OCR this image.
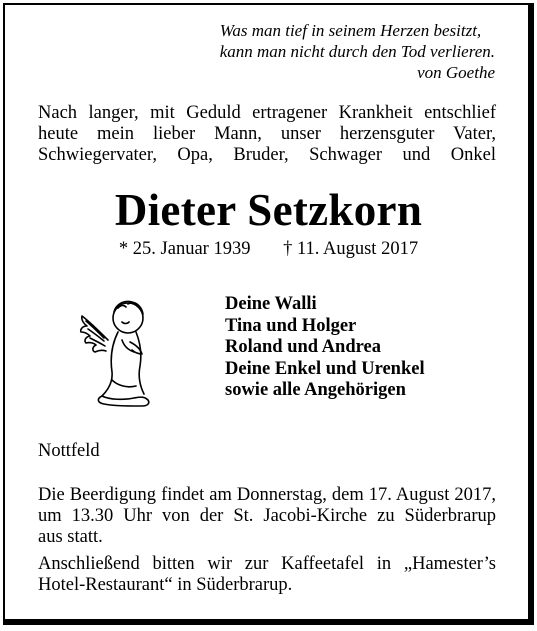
Was man tief in seinem Herzen besitzt,
kann man nicht durch den Tod verlieren.
von Goethe
Nach langer, mit Geduld ertragener Krankheit entschlief
heute mein lieber Mann, unser herzensguter Vater,
Schwiegervater, Opa, Bruder, Schwager und Onkel
Dieter Setzkorn
* 25. Januar 1939 † 11. August 2017
Deine Walli
Tina und Holger
Roland und Andrea
Deine Enkel und Urenkel
sowie alle Angehörigen
Nottfeld
Die Beerdigung findet am Donnerstag, dem 17. August 2017,
um 13.30 Uhr von der St. Jacobi-Kirche zu Süderbrarup
aus statt.
Anschließend bitten wir zur Kaffeetafel in „Hamester’s
Hotel-Restaurant“ in Süderbrarup.
